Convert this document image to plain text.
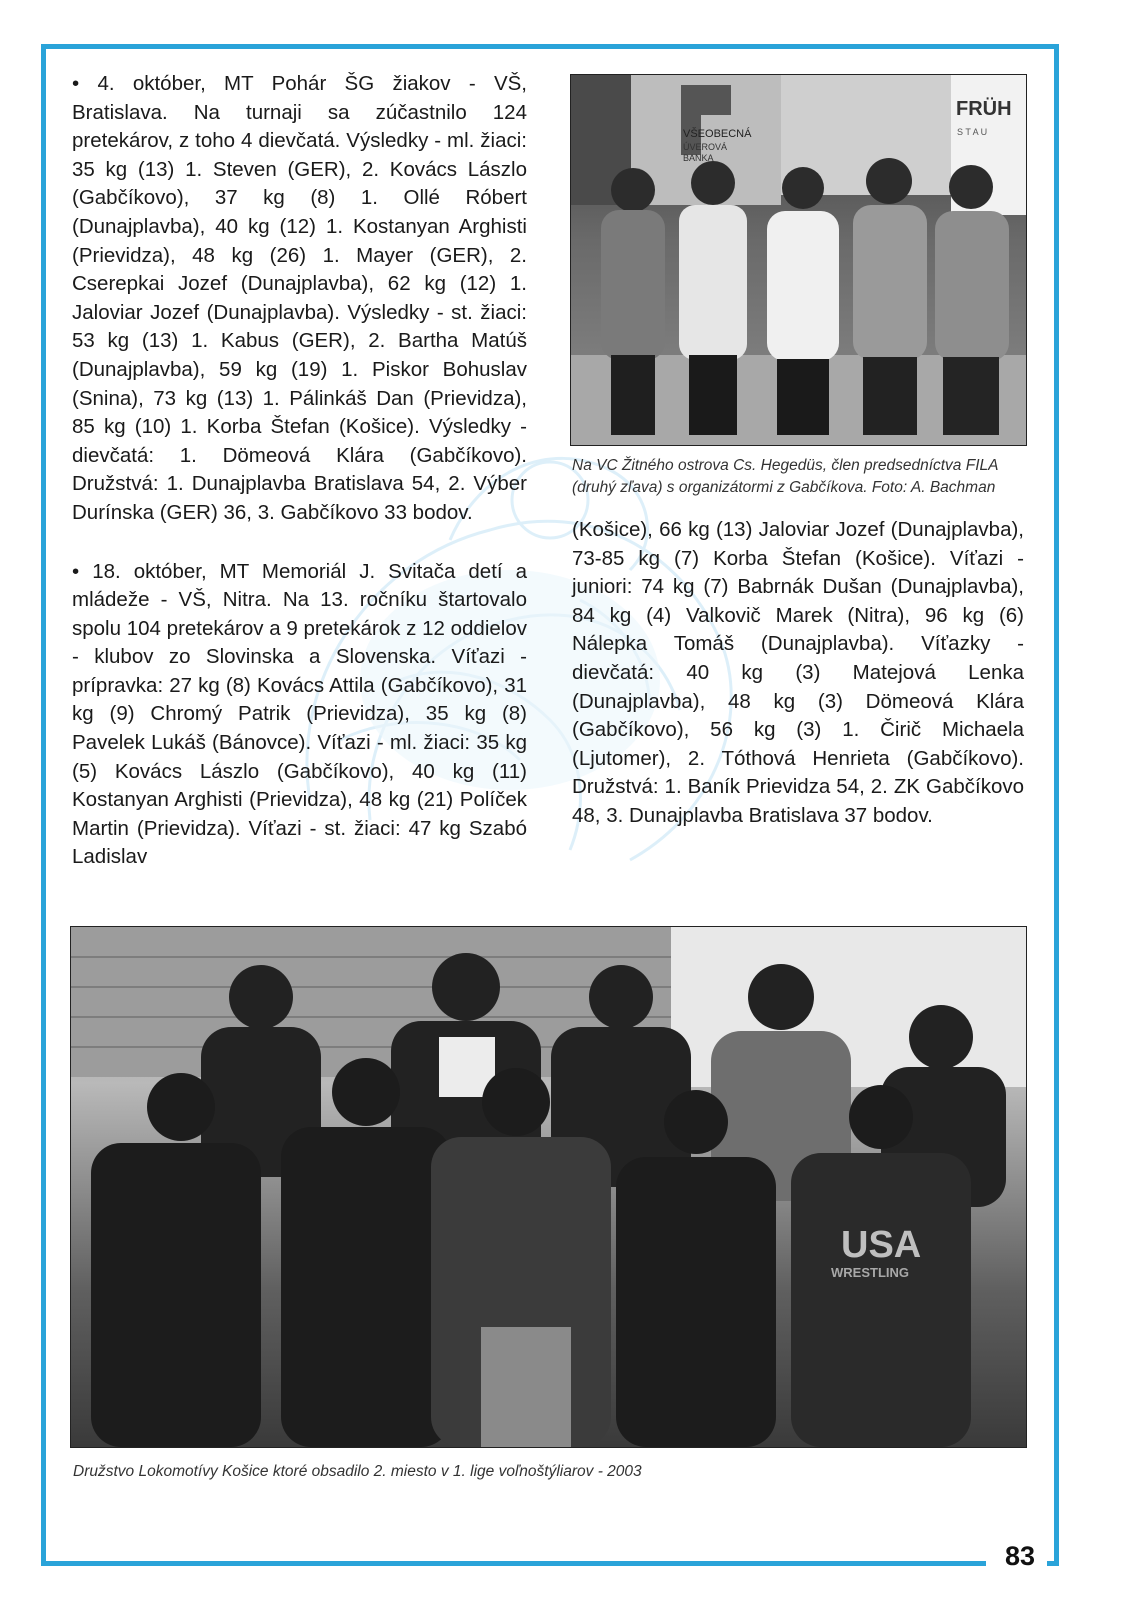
83

• 4. október, MT Pohár ŠG žiakov - VŠ, Bratislava. Na turnaji sa zúčastnilo 124 pretekárov, z toho 4 dievčatá. Výsledky - ml. žiaci: 35 kg (13) 1. Steven (GER), 2. Kovács Lászlo (Gabčíkovo), 37 kg (8) 1. Ollé Róbert (Dunajplavba), 40 kg (12) 1. Kostanyan Arghisti (Prievidza), 48 kg (26) 1. Mayer (GER), 2. Cserepkai Jozef (Dunajplavba), 62 kg (12) 1. Jaloviar Jozef (Dunajplavba). Výsledky - st. žiaci: 53 kg (13) 1. Kabus (GER), 2. Bartha Matúš (Dunajplavba), 59 kg (19) 1. Piskor Bohuslav (Snina), 73 kg (13) 1. Pálinkáš Dan (Prievidza), 85 kg (10) 1. Korba Štefan (Košice). Výsledky - dievčatá: 1. Dömeová Klára (Gabčíkovo). Družstvá: 1. Dunajplavba Bratislava 54, 2. Výber Durínska (GER) 36, 3. Gabčíkovo 33 bodov.

• 18. október, MT Memoriál J. Svitača detí a mládeže - VŠ, Nitra. Na 13. ročníku štartovalo spolu 104 pretekárov a 9 pretekárok z 12 oddielov - klubov zo Slovinska a Slovenska. Víťazi - prípravka: 27 kg (8) Kovács Attila (Gabčíkovo), 31 kg (9) Chromý Patrik (Prievidza), 35 kg (8) Pavelek Lukáš (Bánovce). Víťazi - ml. žiaci: 35 kg (5) Kovács Lászlo (Gabčíkovo), 40 kg (11) Kostanyan Arghisti (Prievidza), 48 kg (21) Políček Martin (Prievidza). Víťazi - st. žiaci: 47 kg Szabó Ladislav

VŠEOBECNÁ
ÚVEROVÁ
BANKA
FRÜH
S T A U
Na VC Žitného ostrova Cs. Hegedüs, člen predsedníctva FILA (druhý zľava) s organizátormi z Gabčíkova. Foto: A. Bachman

(Košice), 66 kg (13) Jaloviar Jozef (Dunajplavba), 73-85 kg (7) Korba Štefan (Košice). Víťazi - juniori: 74 kg (7) Babrnák Dušan (Dunajplavba), 84 kg (4) Valkovič Marek (Nitra), 96 kg (6) Nálepka Tomáš (Dunajplavba). Víťazky - dievčatá: 40 kg (3) Matejová Lenka (Dunajplavba), 48 kg (3) Dömeová Klára (Gabčíkovo), 56 kg (3) 1. Čirič Michaela (Ljutomer), 2. Tóthová Henrieta (Gabčíkovo). Družstvá: 1. Baník Prievidza 54, 2. ZK Gabčíkovo 48, 3. Dunajplavba Bratislava 37 bodov.

USA
WRESTLING
Družstvo Lokomotívy Košice ktoré obsadilo 2. miesto v 1. lige voľnoštýliarov - 2003
